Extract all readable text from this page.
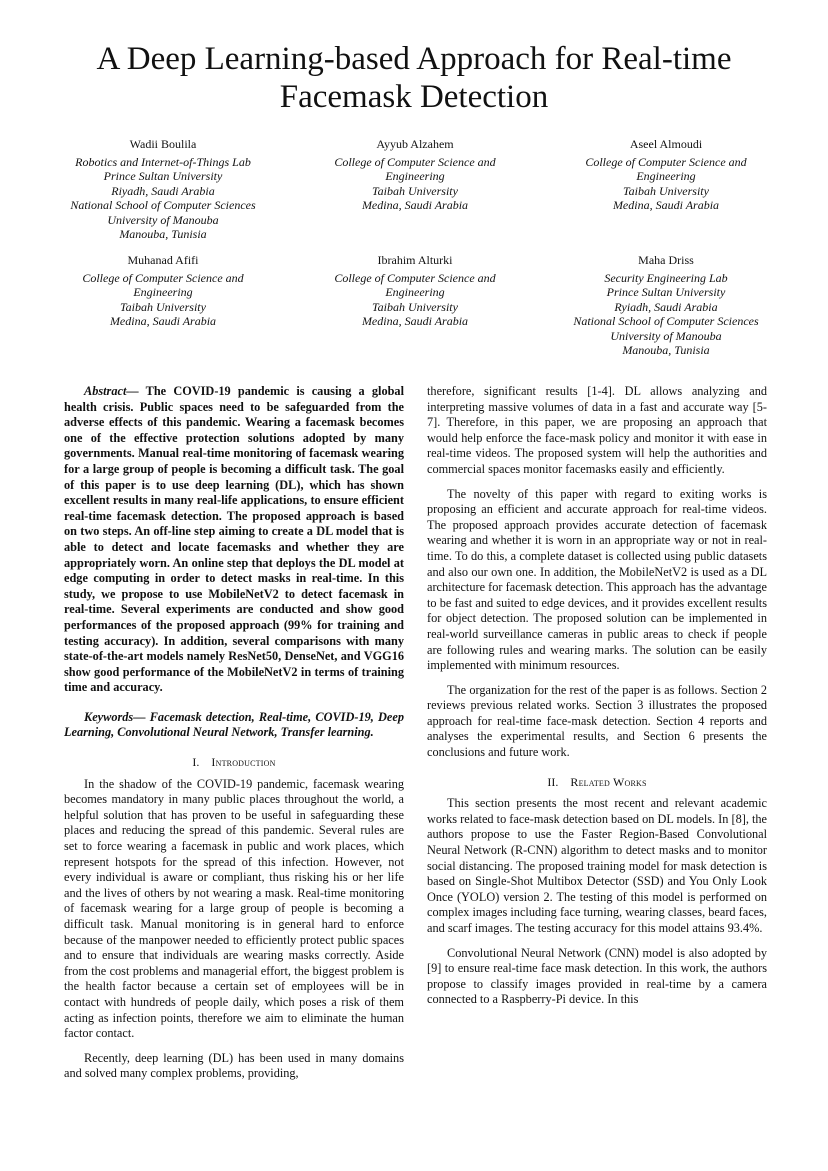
A Deep Learning-based Approach for Real-time
Facemask Detection
Wadii Boulila
Robotics and Internet-of-Things Lab
Prince Sultan University
Riyadh, Saudi Arabia
National School of Computer Sciences
University of Manouba
Manouba, Tunisia
Ayyub Alzahem
College of Computer Science and
Engineering
Taibah University
Medina, Saudi Arabia
Aseel Almoudi
College of Computer Science and
Engineering
Taibah University
Medina, Saudi Arabia
Muhanad Afifi
College of Computer Science and
Engineering
Taibah University
Medina, Saudi Arabia
Ibrahim Alturki
College of Computer Science and
Engineering
Taibah University
Medina, Saudi Arabia
Maha Driss
Security Engineering Lab
Prince Sultan University
Ryiadh, Saudi Arabia
National School of Computer Sciences
University of Manouba
Manouba, Tunisia

Abstract— The COVID-19 pandemic is causing a global health crisis. Public spaces need to be safeguarded from the adverse effects of this pandemic. Wearing a facemask becomes one of the effective protection solutions adopted by many governments. Manual real-time monitoring of facemask wearing for a large group of people is becoming a difficult task. The goal of this paper is to use deep learning (DL), which has shown excellent results in many real-life applications, to ensure efficient real-time facemask detection. The proposed approach is based on two steps. An off-line step aiming to create a DL model that is able to detect and locate facemasks and whether they are appropriately worn. An online step that deploys the DL model at edge computing in order to detect masks in real-time. In this study, we propose to use MobileNetV2 to detect facemask in real-time. Several experiments are conducted and show good performances of the proposed approach (99% for training and testing accuracy). In addition, several comparisons with many state-of-the-art models namely ResNet50, DenseNet, and VGG16 show good performance of the MobileNetV2 in terms of training time and accuracy.

Keywords— Facemask detection, Real-time, COVID-19, Deep Learning, Convolutional Neural Network, Transfer learning.

I. Introduction

In the shadow of the COVID-19 pandemic, facemask wearing becomes mandatory in many public places throughout the world, a helpful solution that has proven to be useful in safeguarding these places and reducing the spread of this pandemic. Several rules are set to force wearing a facemask in public and work places, which represent hotspots for the spread of this infection. However, not every individual is aware or compliant, thus risking his or her life and the lives of others by not wearing a mask. Real-time monitoring of facemask wearing for a large group of people is becoming a difficult task. Manual monitoring is in general hard to enforce because of the manpower needed to efficiently protect public spaces and to ensure that individuals are wearing masks correctly. Aside from the cost problems and managerial effort, the biggest problem is the health factor because a certain set of employees will be in contact with hundreds of people daily, which poses a risk of them acting as infection points, therefore we aim to eliminate the human factor contact.

Recently, deep learning (DL) has been used in many domains and solved many complex problems, providing,

therefore, significant results [1-4]. DL allows analyzing and interpreting massive volumes of data in a fast and accurate way [5-7]. Therefore, in this paper, we are proposing an approach that would help enforce the face-mask policy and monitor it with ease in real-time videos. The proposed system will help the authorities and commercial spaces monitor facemasks easily and efficiently.

The novelty of this paper with regard to exiting works is proposing an efficient and accurate approach for real-time videos. The proposed approach provides accurate detection of facemask wearing and whether it is worn in an appropriate way or not in real-time. To do this, a complete dataset is collected using public datasets and also our own one. In addition, the MobileNetV2 is used as a DL architecture for facemask detection. This approach has the advantage to be fast and suited to edge devices, and it provides excellent results for object detection. The proposed solution can be implemented in real-world surveillance cameras in public areas to check if people are following rules and wearing marks. The solution can be easily implemented with minimum resources.

The organization for the rest of the paper is as follows. Section 2 reviews previous related works. Section 3 illustrates the proposed approach for real-time face-mask detection. Section 4 reports and analyses the experimental results, and Section 6 presents the conclusions and future work.

II. Related Works

This section presents the most recent and relevant academic works related to face-mask detection based on DL models. In [8], the authors propose to use the Faster Region-Based Convolutional Neural Network (R-CNN) algorithm to detect masks and to monitor social distancing. The proposed training model for mask detection is based on Single-Shot Multibox Detector (SSD) and You Only Look Once (YOLO) version 2. The testing of this model is performed on complex images including face turning, wearing classes, beard faces, and scarf images. The testing accuracy for this model attains 93.4%.

Convolutional Neural Network (CNN) model is also adopted by [9] to ensure real-time face mask detection. In this work, the authors propose to classify images provided in real-time by a camera connected to a Raspberry-Pi device. In this
